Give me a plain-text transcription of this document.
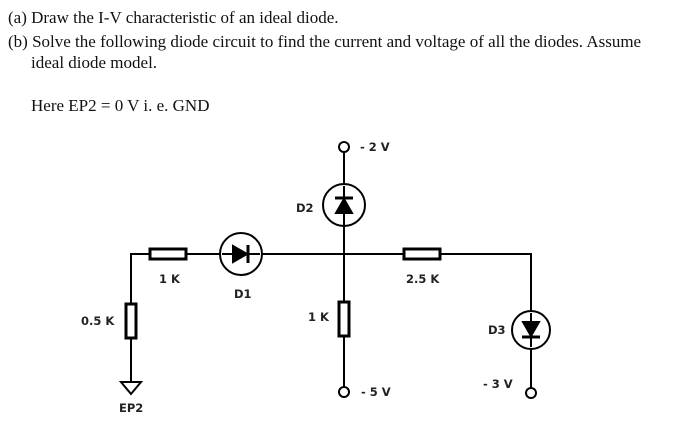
(a) Draw the I-V characteristic of an ideal diode.
(b) Solve the following diode circuit to find the current and voltage of all the diodes. Assume
ideal diode model.
Here EP2 = 0 V i. e. GND
- 2 V
D2
1 K
D1
2.5 K
0.5 K	1 K
D3
- 5 V
- 3 V
EP2
